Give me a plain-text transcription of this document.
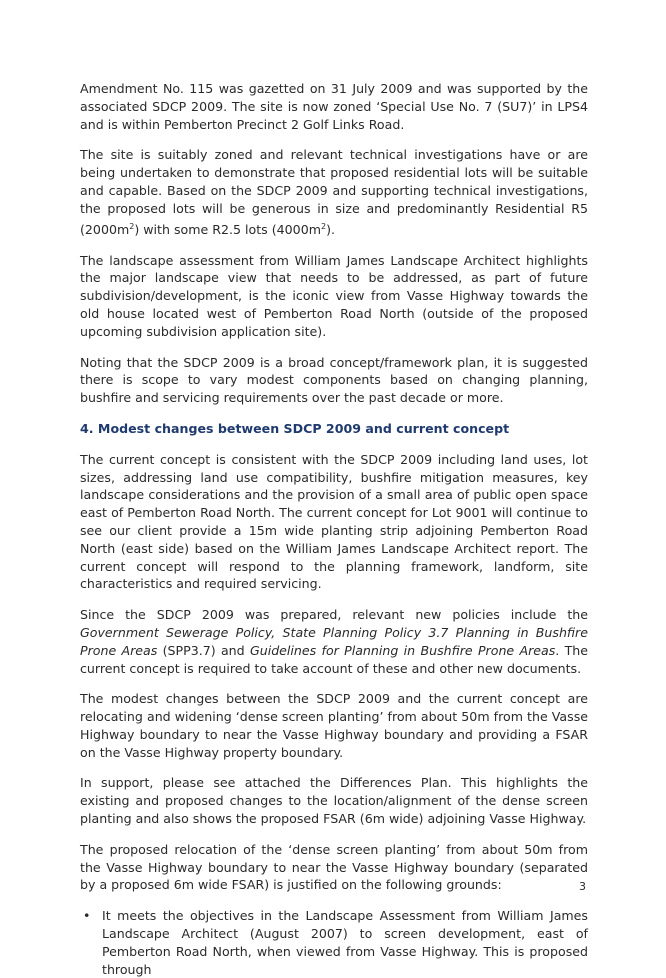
Amendment No. 115 was gazetted on 31 July 2009 and was supported by the associated SDCP 2009. The site is now zoned ‘Special Use No. 7 (SU7)’ in LPS4 and is within Pemberton Precinct 2 Golf Links Road.

The site is suitably zoned and relevant technical investigations have or are being undertaken to demonstrate that proposed residential lots will be suitable and capable. Based on the SDCP 2009 and supporting technical investigations, the proposed lots will be generous in size and predominantly Residential R5 $(2000m^2)$ with some R2.5 lots $(4000m^2)$.

The landscape assessment from William James Landscape Architect highlights the major landscape view that needs to be addressed, as part of future subdivision/development, is the iconic view from Vasse Highway towards the old house located west of Pemberton Road North (outside of the proposed upcoming subdivision application site).

Noting that the SDCP 2009 is a broad concept/framework plan, it is suggested there is scope to vary modest components based on changing planning, bushfire and servicing requirements over the past decade or more.

4. Modest changes between SDCP 2009 and current concept

The current concept is consistent with the SDCP 2009 including land uses, lot sizes, addressing land use compatibility, bushfire mitigation measures, key landscape considerations and the provision of a small area of public open space east of Pemberton Road North. The current concept for Lot 9001 will continue to see our client provide a 15m wide planting strip adjoining Pemberton Road North (east side) based on the William James Landscape Architect report. The current concept will respond to the planning framework, landform, site characteristics and required servicing.

Since the SDCP 2009 was prepared, relevant new policies include the Government Sewerage Policy, State Planning Policy 3.7 Planning in Bushfire Prone Areas (SPP3.7) and Guidelines for Planning in Bushfire Prone Areas. The current concept is required to take account of these and other new documents.

The modest changes between the SDCP 2009 and the current concept are relocating and widening ‘dense screen planting’ from about 50m from the Vasse Highway boundary to near the Vasse Highway boundary and providing a FSAR on the Vasse Highway property boundary.

In support, please see attached the Differences Plan. This highlights the existing and proposed changes to the location/alignment of the dense screen planting and also shows the proposed FSAR (6m wide) adjoining Vasse Highway.

The proposed relocation of the ‘dense screen planting’ from about 50m from the Vasse Highway boundary to near the Vasse Highway boundary (separated by a proposed 6m wide FSAR) is justified on the following grounds:

• It meets the objectives in the Landscape Assessment from William James Landscape Architect (August 2007) to screen development, east of Pemberton Road North, when viewed from Vasse Highway. This is proposed through
3
